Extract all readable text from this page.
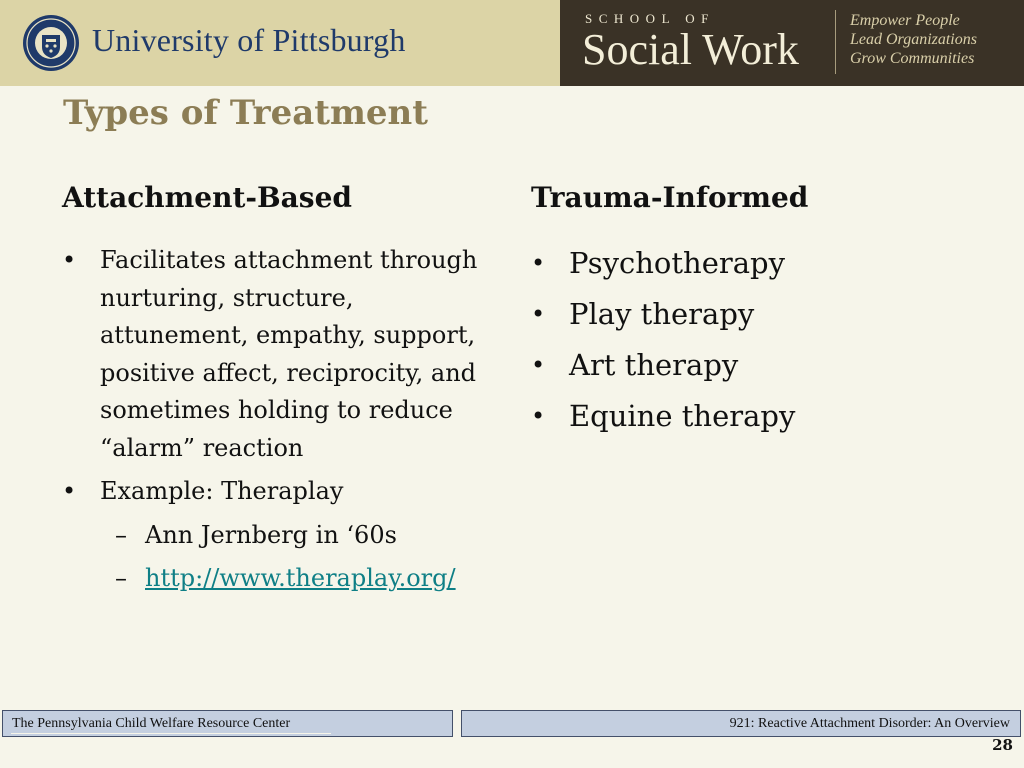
University of Pittsburgh
SCHOOL OF
Social Work
Empower People
Lead Organizations
Grow Communities
Types of Treatment
Attachment-Based	Trauma-Informed
• Facilitates attachment through nurturing, structure, attunement, empathy, support, positive affect, reciprocity, and sometimes holding to reduce “alarm” reaction
• Example: Theraplay
– Ann Jernberg in ‘60s
– http://www.theraplay.org/
• Psychotherapy
• Play therapy
• Art therapy
• Equine therapy
The Pennsylvania Child Welfare Resource Center	921: Reactive Attachment Disorder: An Overview
28
